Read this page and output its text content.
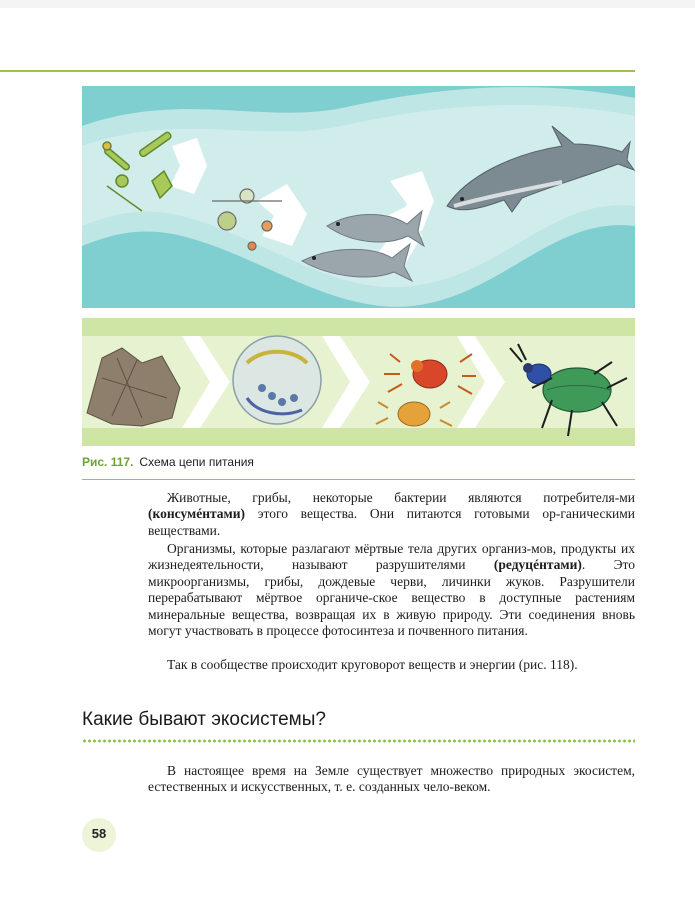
Рис. 117. Схема цепи питания

Животные, грибы, некоторые бактерии являются потребителя-ми (консумéнтами) этого вещества. Они питаются готовыми ор-ганическими веществами.

Организмы, которые разлагают мёртвые тела других организ-мов, продукты их жизнедеятельности, называют разрушителями (редуцéнтами). Это микроорганизмы, грибы, дождевые черви, личинки жуков. Разрушители перерабатывают мёртвое органиче-ское вещество в доступные растениям минеральные вещества, возвращая их в живую природу. Эти соединения вновь могут участвовать в процессе фотосинтеза и почвенного питания.

Так в сообществе происходит круговорот веществ и энергии (рис. 118).

Какие бывают экосистемы?

В настоящее время на Земле существует множество природных экосистем, естественных и искусственных, т. е. созданных чело-веком.

58
